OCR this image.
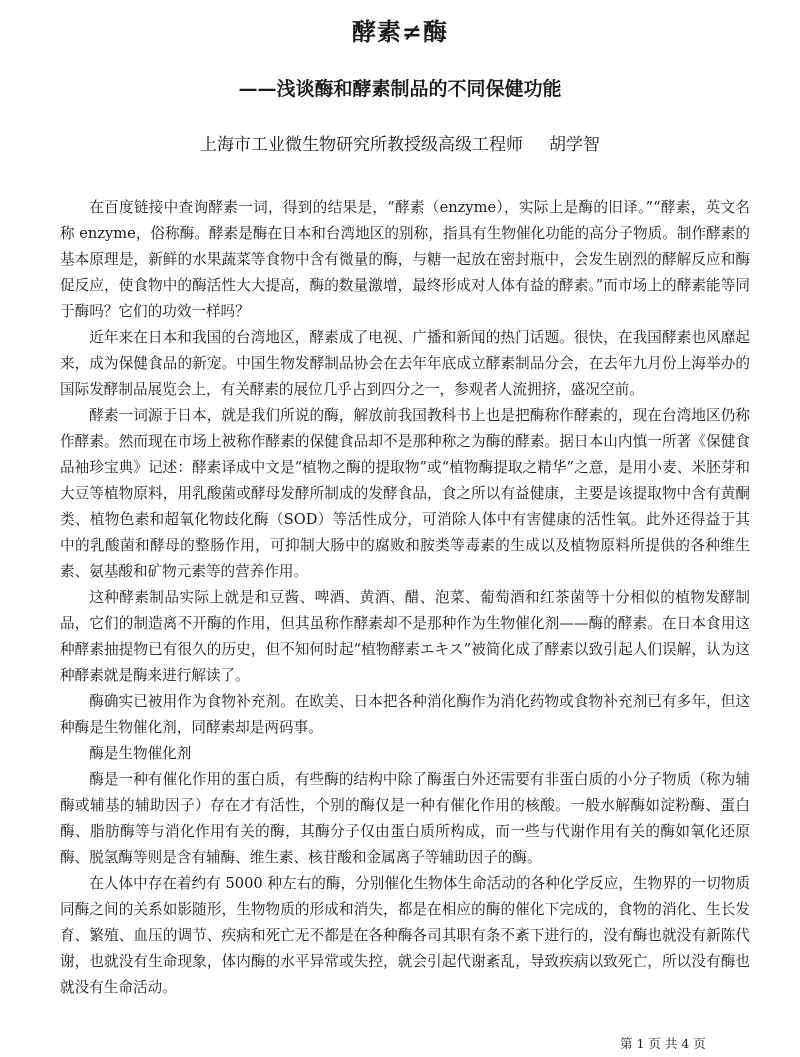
酵素≠酶
——浅谈酶和酵素制品的不同保健功能
上海市工业微生物研究所教授级高级工程师 胡学智

在百度链接中查询酵素一词，得到的结果是，“酵素（enzyme），实际上是酶的旧译。”“酵素，英文名称 enzyme，俗称酶。酵素是酶在日本和台湾地区的别称，指具有生物催化功能的高分子物质。制作酵素的基本原理是，新鲜的水果蔬菜等食物中含有微量的酶，与糖一起放在密封瓶中，会发生剧烈的酵解反应和酶促反应，使食物中的酶活性大大提高，酶的数量激增，最终形成对人体有益的酵素。”而市场上的酵素能等同于酶吗？它们的功效一样吗？

近年来在日本和我国的台湾地区，酵素成了电视、广播和新闻的热门话题。很快，在我国酵素也风靡起来，成为保健食品的新宠。中国生物发酵制品协会在去年年底成立酵素制品分会，在去年九月份上海举办的国际发酵制品展览会上，有关酵素的展位几乎占到四分之一，参观者人流拥挤，盛况空前。

酵素一词源于日本，就是我们所说的酶，解放前我国教科书上也是把酶称作酵素的，现在台湾地区仍称作酵素。然而现在市场上被称作酵素的保健食品却不是那种称之为酶的酵素。据日本山内慎一所著《保健食品袖珍宝典》记述：酵素译成中文是“植物之酶的提取物”或“植物酶提取之精华”之意，是用小麦、米胚芽和大豆等植物原料，用乳酸菌或酵母发酵所制成的发酵食品，食之所以有益健康，主要是该提取物中含有黄酮类、植物色素和超氧化物歧化酶（SOD）等活性成分，可消除人体中有害健康的活性氧。此外还得益于其中的乳酸菌和酵母的整肠作用，可抑制大肠中的腐败和胺类等毒素的生成以及植物原料所提供的各种维生素、氨基酸和矿物元素等的营养作用。

这种酵素制品实际上就是和豆酱、啤酒、黄酒、醋、泡菜、葡萄酒和红茶菌等十分相似的植物发酵制品，它们的制造离不开酶的作用，但其虽称作酵素却不是那种作为生物催化剂——酶的酵素。在日本食用这种酵素抽提物已有很久的历史，但不知何时起“植物酵素エキス”被简化成了酵素以致引起人们误解，认为这种酵素就是酶来进行解读了。

酶确实已被用作为食物补充剂。在欧美、日本把各种消化酶作为消化药物或食物补充剂已有多年，但这种酶是生物催化剂，同酵素却是两码事。

酶是生物催化剂

酶是一种有催化作用的蛋白质，有些酶的结构中除了酶蛋白外还需要有非蛋白质的小分子物质（称为辅酶或辅基的辅助因子）存在才有活性，个别的酶仅是一种有催化作用的核酸。一般水解酶如淀粉酶、蛋白酶、脂肪酶等与消化作用有关的酶，其酶分子仅由蛋白质所构成，而一些与代谢作用有关的酶如氧化还原酶、脱氢酶等则是含有辅酶、维生素、核苷酸和金属离子等辅助因子的酶。

在人体中存在着约有 5000 种左右的酶，分别催化生物体生命活动的各种化学反应，生物界的一切物质同酶之间的关系如影随形，生物物质的形成和消失，都是在相应的酶的催化下完成的，食物的消化、生长发育、繁殖、血压的调节、疾病和死亡无不都是在各种酶各司其职有条不紊下进行的，没有酶也就没有新陈代谢，也就没有生命现象，体内酶的水平异常或失控，就会引起代谢紊乱，导致疾病以致死亡，所以没有酶也就没有生命活动。

第 1 页 共 4 页
